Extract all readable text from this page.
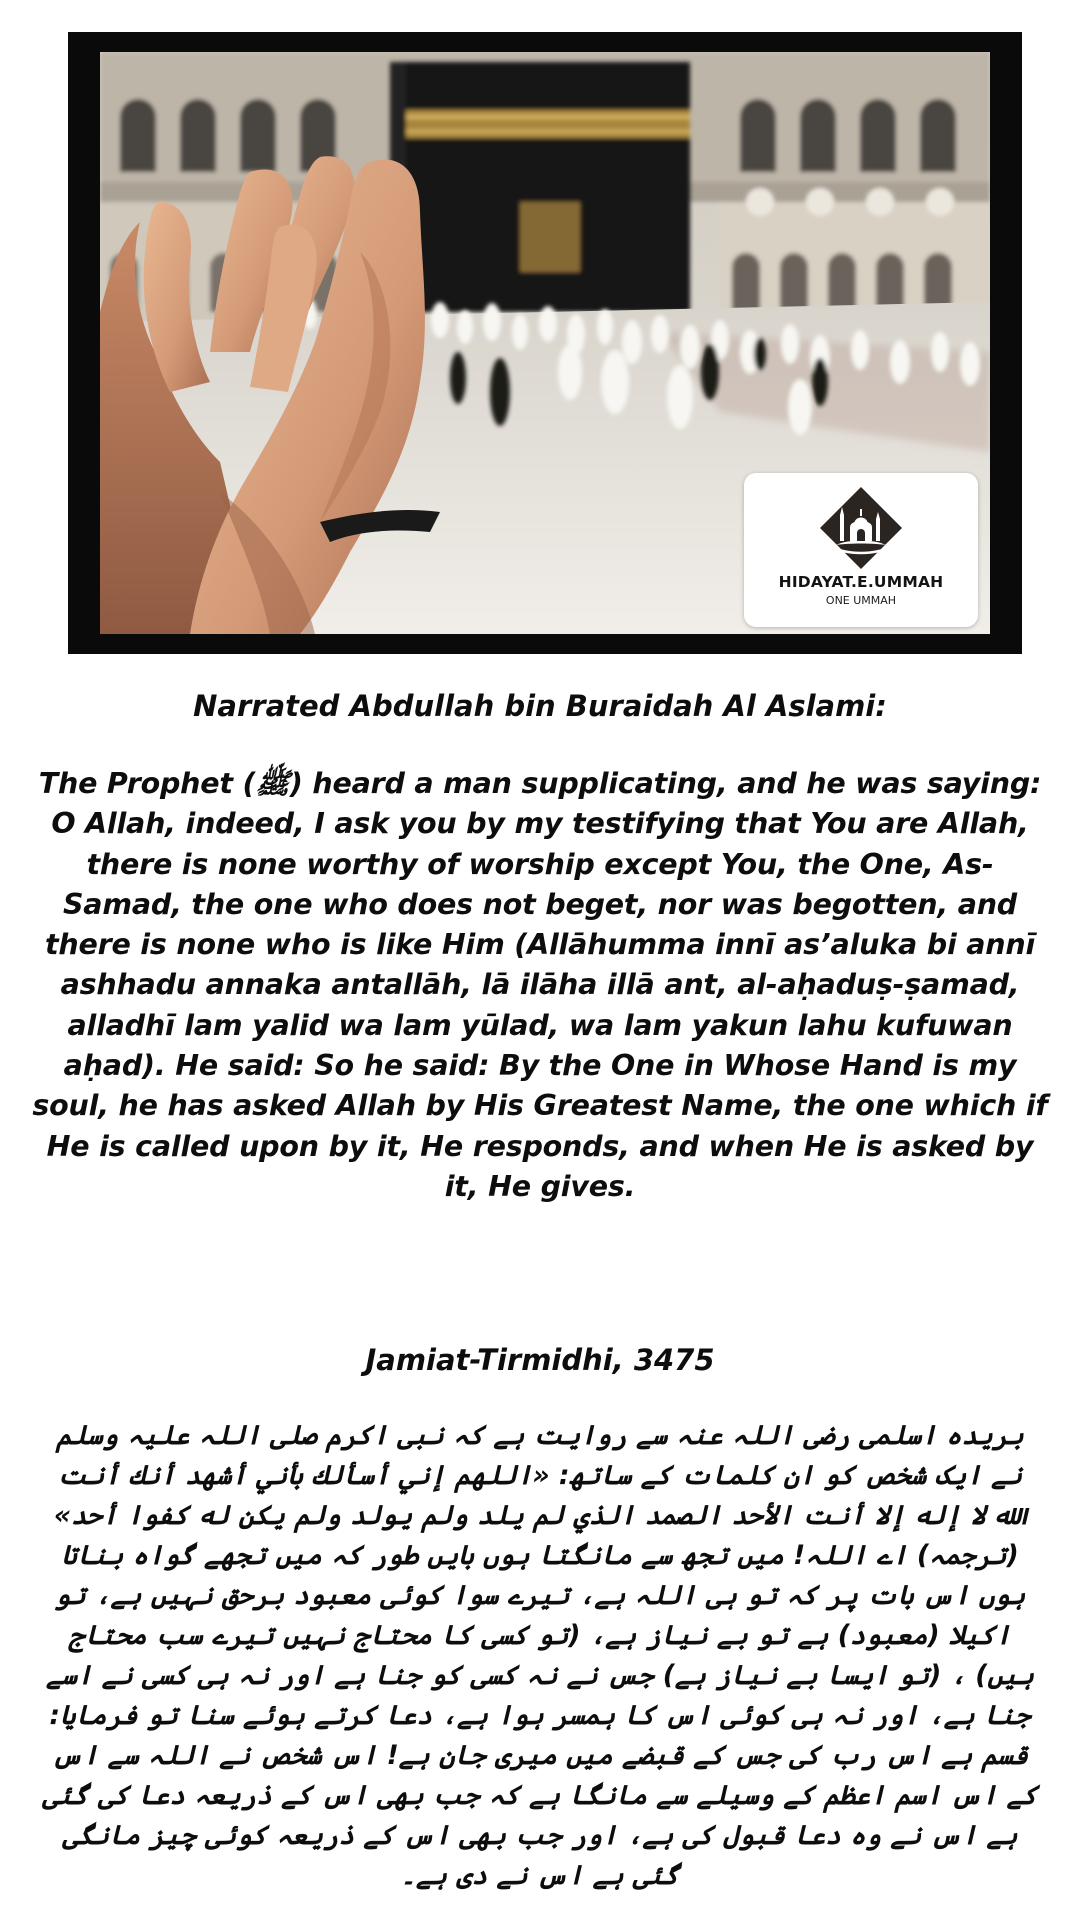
HIDAYAT.E.UMMAH
ONE UMMAH
Narrated Abdullah bin Buraidah Al Aslami:
The Prophet (ﷺ) heard a man supplicating, and he was saying: O Allah, indeed, I ask you by my testifying that You are Allah, there is none worthy of worship except You, the One, As-Samad, the one who does not beget, nor was begotten, and there is none who is like Him (Allāhumma innī as’aluka bi annī ashhadu annaka antallāh, lā ilāha illā ant, al-aḥaduṣ-ṣamad, alladhī lam yalid wa lam yūlad, wa lam yakun lahu kufuwan aḥad). He said: So he said: By the One in Whose Hand is my soul, he has asked Allah by His Greatest Name, the one which if He is called upon by it, He responds, and when He is asked by it, He gives.
Jamiat-Tirmidhi, 3475
بریدہ اسلمی رضی اللہ عنہ سے روایت ہے کہ نبی اکرم صلی اللہ علیہ وسلم نے ایک شخص کو ان کلمات کے ساتھ: «اللهم إني أسألك بأني أشهد أنك أنت الله لا إله إلا أنت الأحد الصمد الذي لم يلد ولم يولد ولم يكن له كفوا أحد» (ترجمہ) اے اللہ! میں تجھ سے مانگتا ہوں بایں طور کہ میں تجھے گواہ بناتا ہوں اس بات پر کہ تو ہی اللہ ہے، تیرے سوا کوئی معبود برحق نہیں ہے، تو اکیلا (معبود) ہے تو بے نیاز ہے، (تو کسی کا محتاج نہیں تیرے سب محتاج ہیں) ، (تو ایسا بے نیاز ہے) جس نے نہ کسی کو جنا ہے اور نہ ہی کسی نے اسے جنا ہے، اور نہ ہی کوئی اس کا ہمسر ہوا ہے، دعا کرتے ہوئے سنا تو فرمایا: قسم ہے اس رب کی جس کے قبضے میں میری جان ہے! اس شخص نے اللہ سے اس کے اس اسم اعظم کے وسیلے سے مانگا ہے کہ جب بھی اس کے ذریعہ دعا کی گئی ہے اس نے وہ دعا قبول کی ہے، اور جب بھی اس کے ذریعہ کوئی چیز مانگی گئی ہے اس نے دی ہے۔
